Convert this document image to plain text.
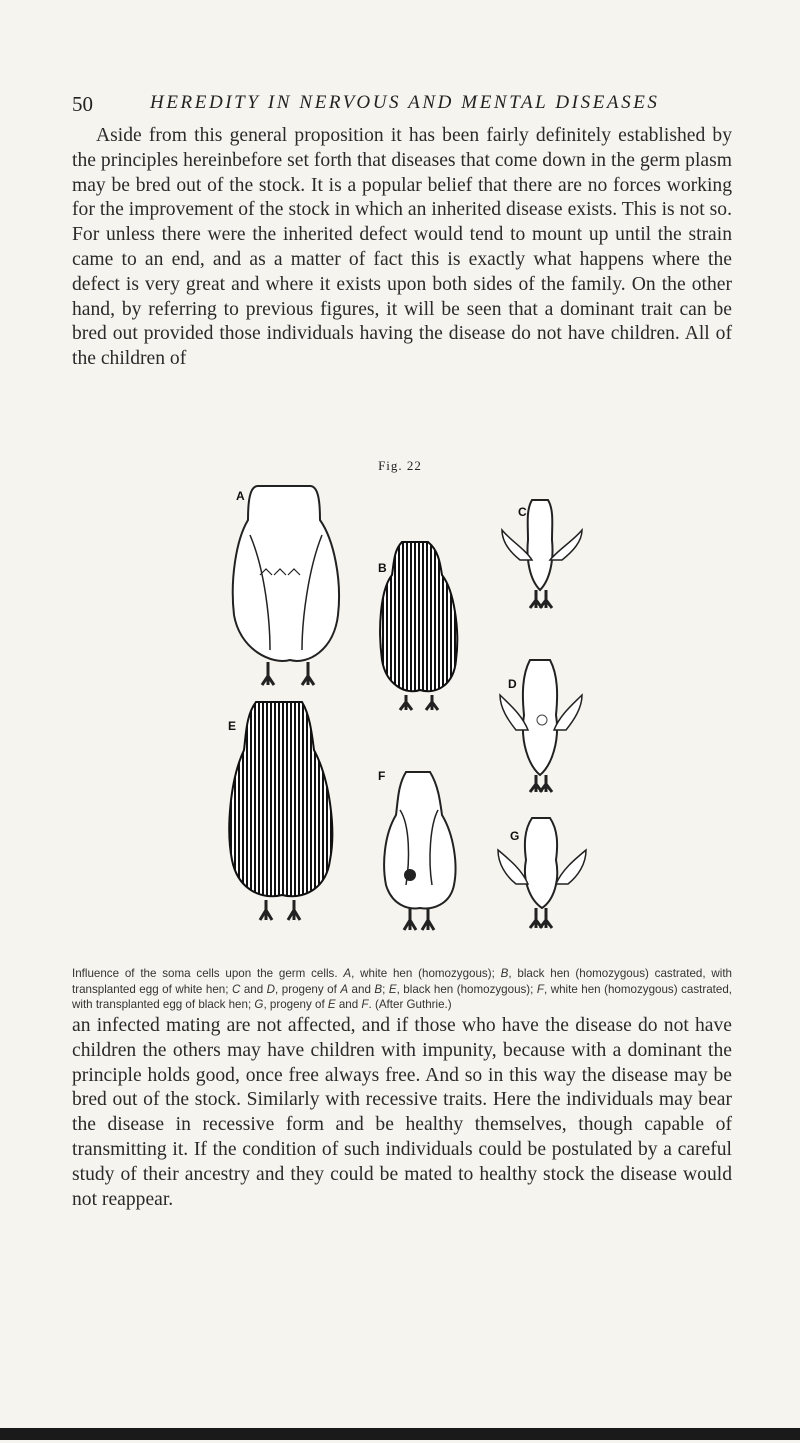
50	HEREDITY IN NERVOUS AND MENTAL DISEASES

Aside from this general proposition it has been fairly definitely established by the principles hereinbefore set forth that diseases that come down in the germ plasm may be bred out of the stock. It is a popular belief that there are no forces working for the improvement of the stock in which an inherited disease exists. This is not so. For unless there were the inherited defect would tend to mount up until the strain came to an end, and as a matter of fact this is exactly what happens where the defect is very great and where it exists upon both sides of the family. On the other hand, by referring to previous figures, it will be seen that a dominant trait can be bred out provided those individuals having the disease do not have children. All of the children of

Fig. 22
A
B
C
D
E
F
G
Influence of the soma cells upon the germ cells. A, white hen (homozygous); B, black hen (homozygous) castrated, with transplanted egg of white hen; C and D, progeny of A and B; E, black hen (homozygous); F, white hen (homozygous) castrated, with transplanted egg of black hen; G, progeny of E and F. (After Guthrie.)

an infected mating are not affected, and if those who have the disease do not have children the others may have children with impunity, because with a dominant the principle holds good, once free always free. And so in this way the disease may be bred out of the stock. Similarly with recessive traits. Here the individuals may bear the disease in recessive form and be healthy themselves, though capable of transmitting it. If the condition of such individuals could be postulated by a careful study of their ancestry and they could be mated to healthy stock the disease would not reappear.
